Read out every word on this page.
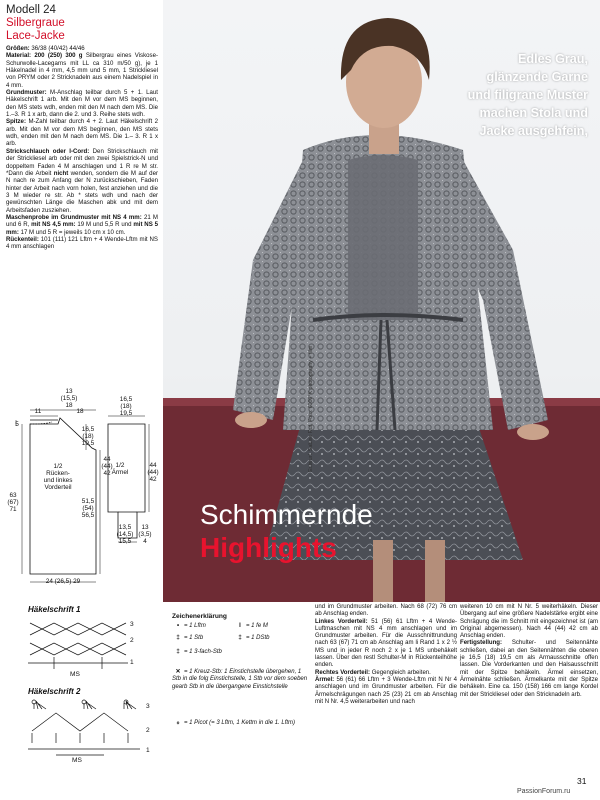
Modell 24
Silbergraue
Lace-Jacke

Größen: 36/38 (40/42) 44/46

Material: 200 (250) 300 g Silbergrau eines Viskose-Schurwolle-Lacegarns mit LL ca 310 m/50 g), je 1 Häkelnadel in 4 mm, 4,5 mm und 5 mm, 1 Strickliesel von PRYM oder 2 Stricknadeln aus einem Nadelspiel in 4 mm.

Grundmuster: M-Anschlag teilbar durch 5 + 1. Laut Häkelschrift 1 arb. Mit den M vor dem MS beginnen, den MS stets wdh, enden mit den M nach dem MS. Die 1.–3. R 1 x arb, dann die 2. und 3. Reihe stets wdh.

Spitze: M-Zahl teilbar durch 4 + 2. Laut Häkelschrift 2 arb. Mit den M vor dem MS beginnen, den MS stets wdh, enden mit den M nach dem MS. Die 1.– 3. R 1 x arb.

Strickschlauch oder I-Cord: Den Strickschlauch mit der Strickliesel arb oder mit den zwei Spielstrick-N und doppeltem Faden 4 M anschlagen und 1 R re M str. *Dann die Arbeit nicht wenden, sondern die M auf der N nach re zum Anfang der N zurückschieben, Faden hinter der Arbeit nach vorn holen, fest anziehen und die 3 M wieder re str. Ab * stets wdh und nach der gewünschten Länge die Maschen abk und mit dem Arbeitsfaden zusziehen.

Maschenprobe im Grundmuster mit NS 4 mm: 21 M und 6 R, mit NS 4,5 mm: 19 M und 5,5 R und mit NS 5 mm: 17 M und 5 R = jeweils 10 cm x 10 cm.

Rückenteil: 101 (111) 121 Lftm + 4 Wende-Lftm mit NS 4 mm anschlagen

13
(15,5)
18
11	18
5
16,5
(18)
19,5
44
(44)
42
1/2
Rücken-
und linkes
Vorderteil
63
(67)
71
51,5
(54)
56,5
24 (26,5) 29
16,5
(18)
19,5
1/2
Ärmel
44
(44)
42
13,5
(14,5)
15,5
13
(3,5)
4
Edles Grau,
glänzende Garne
und filigrane Muster
machen Stola und
Jacke ausgehfein,
Entwurf: Sabine Ruf, Foto: 6000°K photography + film
Schimmernde
Highlights
Häkelschrift 1
3
2
1
MS
Häkelschrift 2
3
2
1
MS
Zeichenerklärung
• = 1 Lftm	I = 1 fe M
‡ = 1 Stb	‡ = 1 DStb
‡ = 1 3-fach-Stb
✕ = 1 Kreuz-Stb: 1 Einstichstelle übergehen, 1 Stb in die folg Einstichstelle, 1 Stb vor dem soeben gearb Stb in die übergangene Einstichstelle
ℴ = 1 Picot (= 3 Lftm, 1 Kettm in die 1. Lftm)

und im Grundmuster arbeiten. Nach 68 (72) 76 cm ab Anschlag enden.

Linkes Vorderteil: 51 (56) 61 Lftm + 4 Wende-Luftmaschen mit NS 4 mm anschlagen und im Grundmuster arbeiten. Für die Ausschnittrundung nach 63 (67) 71 cm ab Anschlag am li Rand 1 x 2 ½ MS und in jeder R noch 2 x je 1 MS unbehäkelt lassen. Über den restl Schulter-M in Rückenteilhöhe enden.

Rechtes Vorderteil: Gegengleich arbeiten.

Ärmel: 56 (61) 66 Lftm + 3 Wende-Lftm mit N Nr 4 anschlagen und im Grundmuster arbeiten. Für die Ärmelschrägungen nach 25 (23) 21 cm ab Anschlag mit N Nr. 4,5 weiterarbeiten und nach

weiteren 10 cm mit N Nr. 5 weiterhäkeln. Dieser Übergang auf eine größere Nadelstärke ergibt eine Schrägung die im Schnitt mit eingezeichnet ist (am Original abgemessen). Nach 44 (44) 42 cm ab Anschlag enden.

Fertigstellung: Schulter- und Seitennähte schließen, dabei an den Seitennähten die oberen je 16,5 (18) 19,5 cm als Armausschnitte offen lassen. Die Vorderkanten und den Halsausschnitt mit der Spitze behäkeln. Ärmel einsetzen, Ärmelnähte schließen. Ärmelkante mit der Spitze behäkeln. Eine ca. 150 (158) 166 cm lange Kordel mit der Strickliesel oder den Stricknadeln arb.

31
PassionForum.ru
